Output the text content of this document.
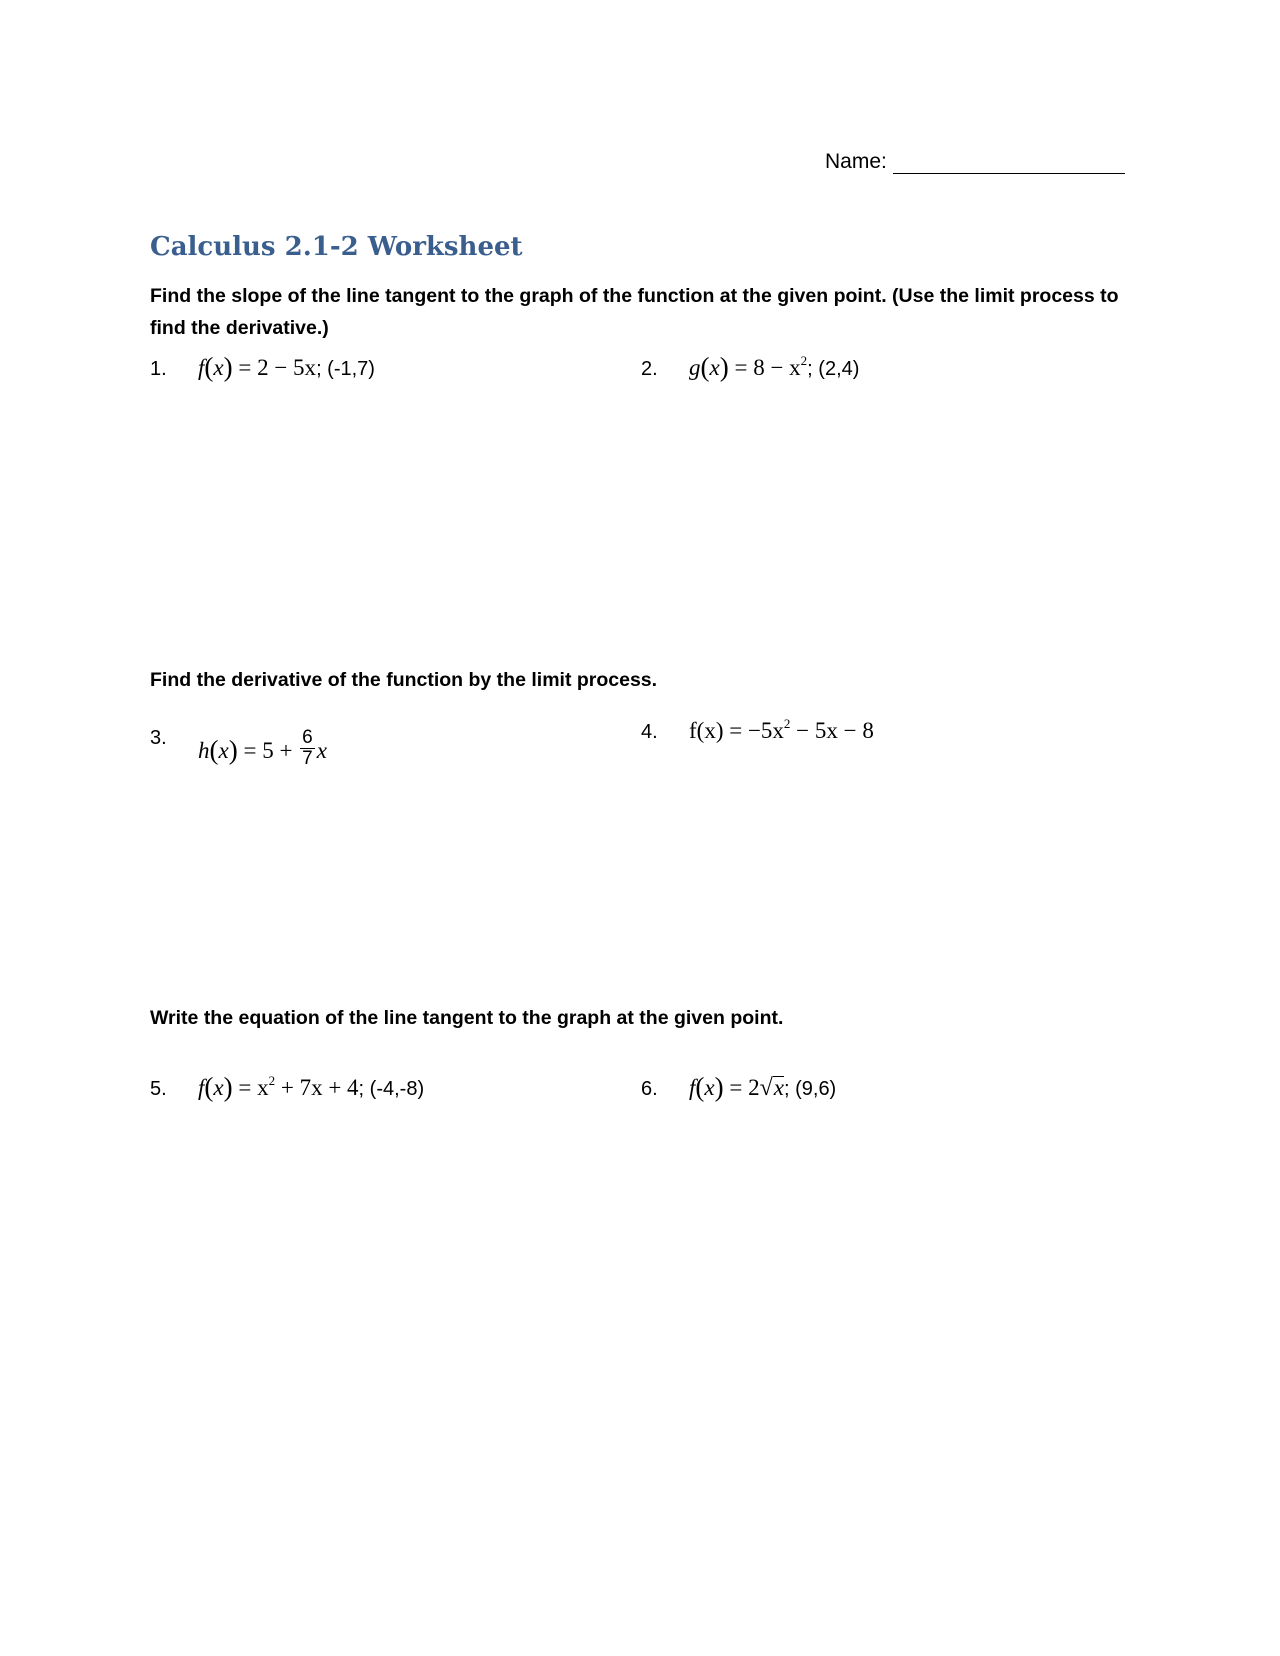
Name:
Calculus 2.1-2 Worksheet

Find the slope of the line tangent to the graph of the function at the given point. (Use the limit process to find the derivative.)

1.	f(x) = 2 − 5x ; (-1,7)	2.	$g(x) = 8 - x^2$ ; (2,4)

Find the derivative of the function by the limit process.

3.	$h(x) = 5 + \frac{6}{7}$ x
4.	$f(x) = -5x^2 - 5x - 8$

Write the equation of the line tangent to the graph at the given point.

5.	$f(x) = x^2 + 7x + 4$ ; (-4,-8)	6.	f(x) = 2√x ; (9,6)
